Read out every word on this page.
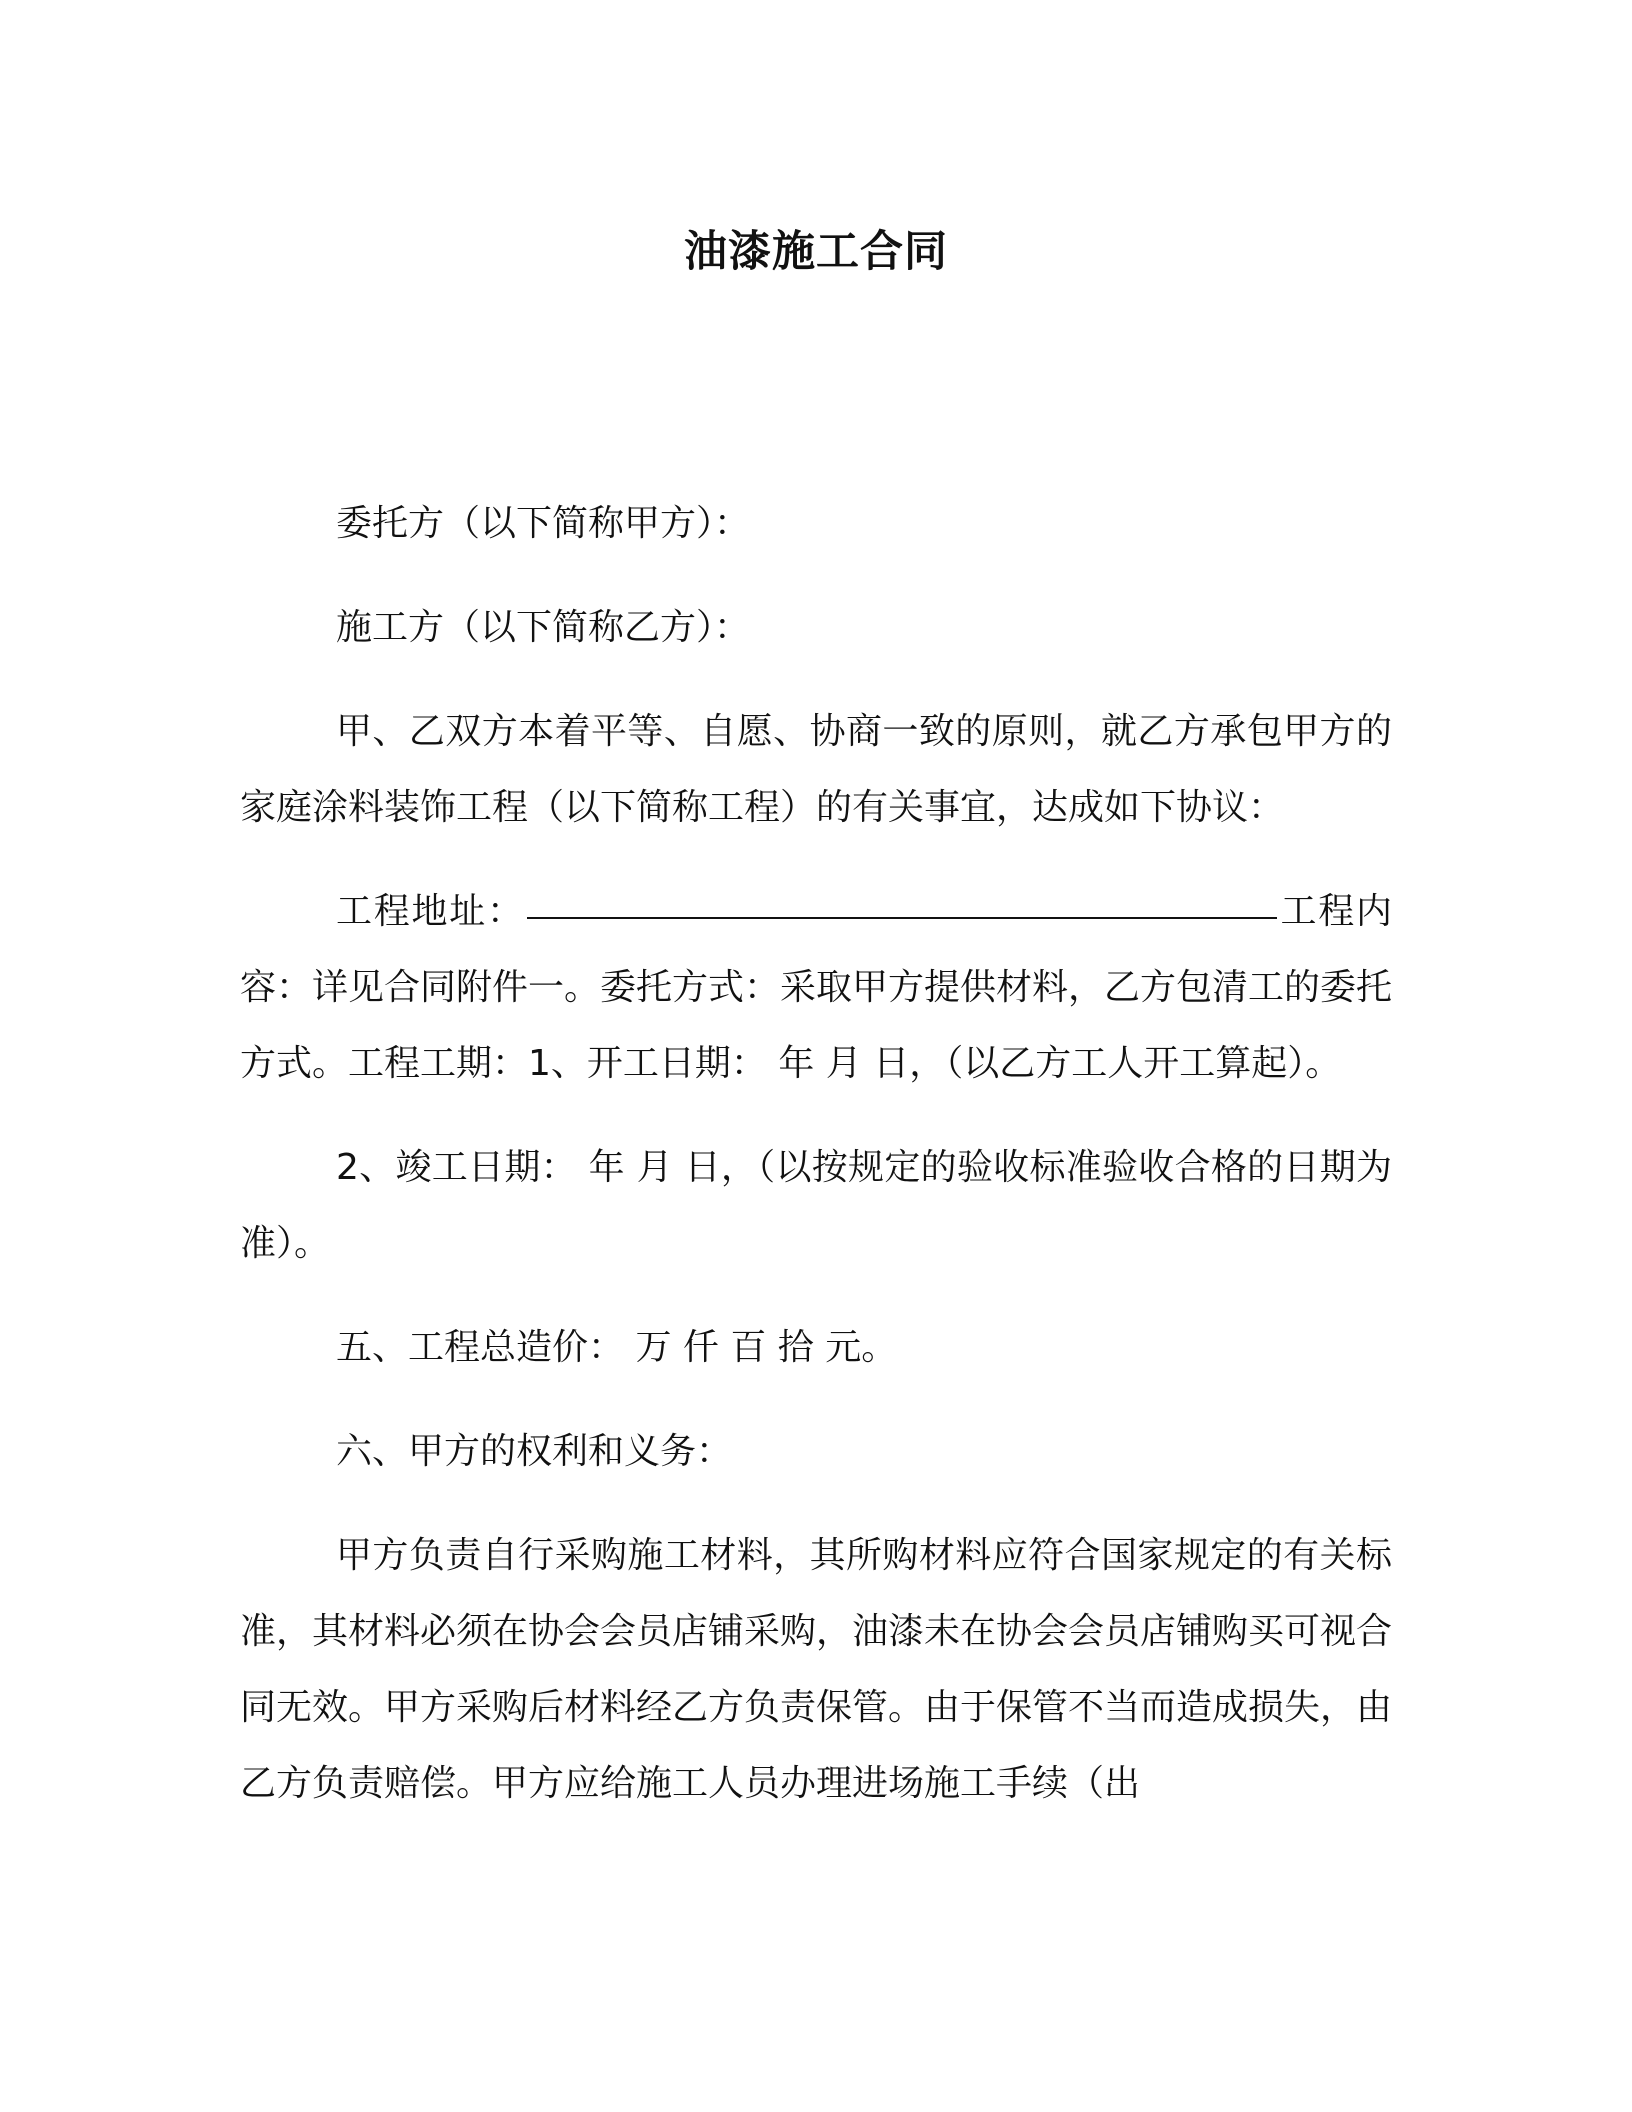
油漆施工合同

委托方（以下简称甲方）：

施工方（以下简称乙方）：

甲、乙双方本着平等、自愿、协商一致的原则，就乙方承包甲方的家庭涂料装饰工程（以下简称工程）的有关事宜，达成如下协议：

工程地址：	工程内容：详见合同附件一。委托方式：采取甲方提供材料，乙方包清工的委托方式。工程工期：1、开工日期： 年 月 日，（以乙方工人开工算起）。

2、竣工日期： 年 月 日，（以按规定的验收标准验收合格的日期为准）。

五、工程总造价： 万 仟 百 拾 元。

六、甲方的权利和义务：

甲方负责自行采购施工材料，其所购材料应符合国家规定的有关标准，其材料必须在协会会员店铺采购，油漆未在协会会员店铺购买可视合同无效。甲方采购后材料经乙方负责保管。由于保管不当而造成损失，由乙方负责赔偿。甲方应给施工人员办理进场施工手续（出
